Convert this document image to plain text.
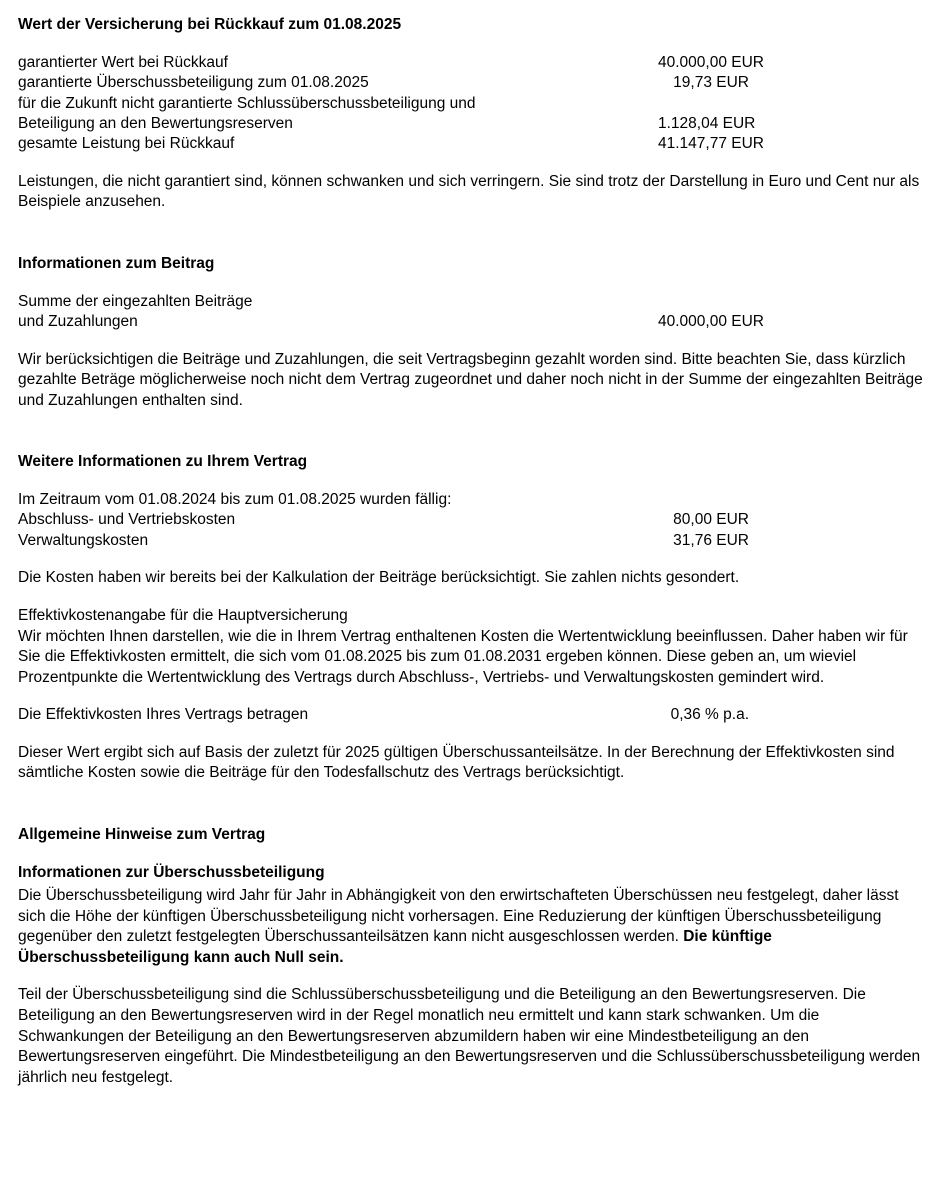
Wert der Versicherung bei Rückkauf zum 01.08.2025
garantierter Wert bei Rückkauf	40.000,00 EUR
garantierte Überschussbeteiligung zum 01.08.2025	19,73 EUR
für die Zukunft nicht garantierte Schlussüberschussbeteiligung und
Beteiligung an den Bewertungsreserven	1.128,04 EUR
gesamte Leistung bei Rückkauf	41.147,77 EUR

Leistungen, die nicht garantiert sind, können schwanken und sich verringern. Sie sind trotz der Darstellung in Euro und Cent nur als Beispiele anzusehen.

Informationen zum Beitrag
Summe der eingezahlten Beiträge
und Zuzahlungen	40.000,00 EUR

Wir berücksichtigen die Beiträge und Zuzahlungen, die seit Vertragsbeginn gezahlt worden sind. Bitte beachten Sie, dass kürzlich gezahlte Beträge möglicherweise noch nicht dem Vertrag zugeordnet und daher noch nicht in der Summe der eingezahlten Beiträge und Zuzahlungen enthalten sind.

Weitere Informationen zu Ihrem Vertrag
Im Zeitraum vom 01.08.2024 bis zum 01.08.2025 wurden fällig:
Abschluss- und Vertriebskosten	80,00 EUR
Verwaltungskosten	31,76 EUR

Die Kosten haben wir bereits bei der Kalkulation der Beiträge berücksichtigt. Sie zahlen nichts gesondert.

Effektivkostenangabe für die Hauptversicherung

Wir möchten Ihnen darstellen, wie die in Ihrem Vertrag enthaltenen Kosten die Wertentwicklung beeinflussen. Daher haben wir für Sie die Effektivkosten ermittelt, die sich vom 01.08.2025 bis zum 01.08.2031 ergeben können. Diese geben an, um wieviel Prozentpunkte die Wertentwicklung des Vertrags durch Abschluss-, Vertriebs- und Verwaltungskosten gemindert wird.

Die Effektivkosten Ihres Vertrags betragen	0,36 % p.a.

Dieser Wert ergibt sich auf Basis der zuletzt für 2025 gültigen Überschussanteilsätze. In der Berechnung der Effektivkosten sind sämtliche Kosten sowie die Beiträge für den Todesfallschutz des Vertrags berücksichtigt.

Allgemeine Hinweise zum Vertrag
Informationen zur Überschussbeteiligung

Die Überschussbeteiligung wird Jahr für Jahr in Abhängigkeit von den erwirtschafteten Überschüssen neu festgelegt, daher lässt sich die Höhe der künftigen Überschussbeteiligung nicht vorhersagen. Eine Reduzierung der künftigen Überschussbeteiligung gegenüber den zuletzt festgelegten Überschussanteilsätzen kann nicht ausgeschlossen werden. Die künftige Überschussbeteiligung kann auch Null sein.

Teil der Überschussbeteiligung sind die Schlussüberschussbeteiligung und die Beteiligung an den Bewertungsreserven. Die Beteiligung an den Bewertungsreserven wird in der Regel monatlich neu ermittelt und kann stark schwanken. Um die Schwankungen der Beteiligung an den Bewertungsreserven abzumildern haben wir eine Mindestbeteiligung an den Bewertungsreserven eingeführt. Die Mindestbeteiligung an den Bewertungsreserven und die Schlussüberschussbeteiligung werden jährlich neu festgelegt.
